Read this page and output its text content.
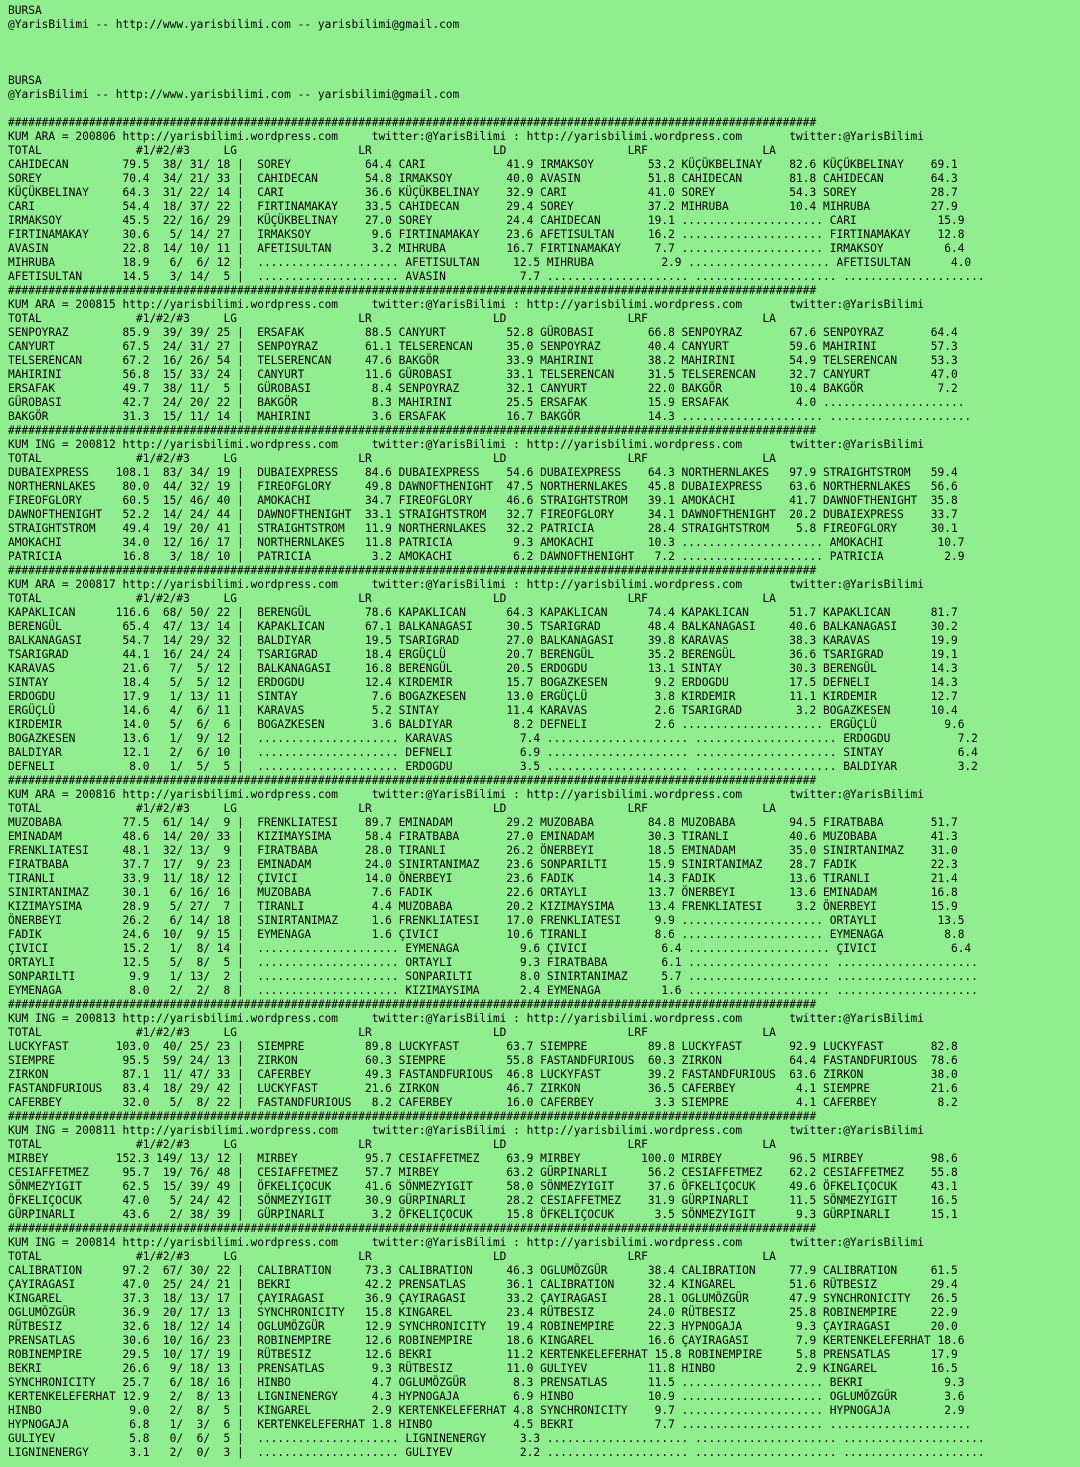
BURSA
@YarisBilimi -- http://www.yarisbilimi.com -- yarisbilimi@gmail.com
BURSA
@YarisBilimi -- http://www.yarisbilimi.com -- yarisbilimi@gmail.com
########################################################################################################################
KUM ARA = 200806 http://yarisbilimi.wordpress.com     twitter:@YarisBilimi : http://yarisbilimi.wordpress.com       twitter:@YarisBilimi
TOTAL              #1/#2/#3     LG                  LR                  LD                  LRF                 LA
CAHIDECAN        79.5  38/ 31/ 18 |  SOREY           64.4 CARI            41.9 IRMAKSOY        53.2 KÜÇÜKBELINAY    82.6 KÜÇÜKBELINAY    69.1
SOREY            70.4  34/ 21/ 33 |  CAHIDECAN       54.8 IRMAKSOY        40.0 AVASIN          51.8 CAHIDECAN       81.8 CAHIDECAN       64.3
KÜÇÜKBELINAY     64.3  31/ 22/ 14 |  CARI            36.6 KÜÇÜKBELINAY    32.9 CARI            41.0 SOREY           54.3 SOREY           28.7
CARI             54.4  18/ 37/ 22 |  FIRTINAMAKAY    33.5 CAHIDECAN       29.4 SOREY           37.2 MIHRUBA         10.4 MIHRUBA         27.9
IRMAKSOY         45.5  22/ 16/ 29 |  KÜÇÜKBELINAY    27.0 SOREY           24.4 CAHIDECAN       19.1 ..................... CARI            15.9
FIRTINAMAKAY     30.6   5/ 14/ 27 |  IRMAKSOY         9.6 FIRTINAMAKAY    23.6 AFETISULTAN     16.2 ..................... FIRTINAMAKAY    12.8
AVASIN           22.8  14/ 10/ 11 |  AFETISULTAN      3.2 MIHRUBA         16.7 FIRTINAMAKAY     7.7 ..................... IRMAKSOY         6.4
MIHRUBA          18.9   6/  6/ 12 |  ..................... AFETISULTAN     12.5 MIHRUBA          2.9 ..................... AFETISULTAN      4.0
AFETISULTAN      14.5   3/ 14/  5 |  ..................... AVASIN           7.7 ..................... ..................... .....................
########################################################################################################################
KUM ARA = 200815 http://yarisbilimi.wordpress.com     twitter:@YarisBilimi : http://yarisbilimi.wordpress.com       twitter:@YarisBilimi
TOTAL              #1/#2/#3     LG                  LR                  LD                  LRF                 LA
SENPOYRAZ        85.9  39/ 39/ 25 |  ERSAFAK         88.5 CANYURT         52.8 GÜROBASI        66.8 SENPOYRAZ       67.6 SENPOYRAZ       64.4
CANYURT          67.5  24/ 31/ 27 |  SENPOYRAZ       61.1 TELSERENCAN     35.0 SENPOYRAZ       40.4 CANYURT         59.6 MAHIRINI        57.3
TELSERENCAN      67.2  16/ 26/ 54 |  TELSERENCAN     47.6 BAKGÖR          33.9 MAHIRINI        38.2 MAHIRINI        54.9 TELSERENCAN     53.3
MAHIRINI         56.8  15/ 33/ 24 |  CANYURT         11.6 GÜROBASI        33.1 TELSERENCAN     31.5 TELSERENCAN     32.7 CANYURT         47.0
ERSAFAK          49.7  38/ 11/  5 |  GÜROBASI         8.4 SENPOYRAZ       32.1 CANYURT         22.0 BAKGÖR          10.4 BAKGÖR           7.2
GÜROBASI         42.7  24/ 20/ 22 |  BAKGÖR           8.3 MAHIRINI        25.5 ERSAFAK         15.9 ERSAFAK          4.0 .....................
BAKGÖR           31.3  15/ 11/ 14 |  MAHIRINI         3.6 ERSAFAK         16.7 BAKGÖR          14.3 ..................... .....................
########################################################################################################################
KUM ING = 200812 http://yarisbilimi.wordpress.com     twitter:@YarisBilimi : http://yarisbilimi.wordpress.com       twitter:@YarisBilimi
TOTAL              #1/#2/#3     LG                  LR                  LD                  LRF                 LA
DUBAIEXPRESS    108.1  83/ 34/ 19 |  DUBAIEXPRESS    84.6 DUBAIEXPRESS    54.6 DUBAIEXPRESS    64.3 NORTHERNLAKES   97.9 STRAIGHTSTROM   59.4
NORTHERNLAKES    80.0  44/ 32/ 19 |  FIREOFGLORY     49.8 DAWNOFTHENIGHT  47.5 NORTHERNLAKES   45.8 DUBAIEXPRESS    63.6 NORTHERNLAKES   56.6
FIREOFGLORY      60.5  15/ 46/ 40 |  AMOKACHI        34.7 FIREOFGLORY     46.6 STRAIGHTSTROM   39.1 AMOKACHI        41.7 DAWNOFTHENIGHT  35.8
DAWNOFTHENIGHT   52.2  14/ 24/ 44 |  DAWNOFTHENIGHT  33.1 STRAIGHTSTROM   32.7 FIREOFGLORY     34.1 DAWNOFTHENIGHT  20.2 DUBAIEXPRESS    33.7
STRAIGHTSTROM    49.4  19/ 20/ 41 |  STRAIGHTSTROM   11.9 NORTHERNLAKES   32.2 PATRICIA        28.4 STRAIGHTSTROM    5.8 FIREOFGLORY     30.1
AMOKACHI         34.0  12/ 16/ 17 |  NORTHERNLAKES   11.8 PATRICIA         9.3 AMOKACHI        10.3 ..................... AMOKACHI        10.7
PATRICIA         16.8   3/ 18/ 10 |  PATRICIA         3.2 AMOKACHI         6.2 DAWNOFTHENIGHT   7.2 ..................... PATRICIA         2.9
########################################################################################################################
KUM ARA = 200817 http://yarisbilimi.wordpress.com     twitter:@YarisBilimi : http://yarisbilimi.wordpress.com       twitter:@YarisBilimi
TOTAL              #1/#2/#3     LG                  LR                  LD                  LRF                 LA
KAPAKLICAN      116.6  68/ 50/ 22 |  BERENGÜL        78.6 KAPAKLICAN      64.3 KAPAKLICAN      74.4 KAPAKLICAN      51.7 KAPAKLICAN      81.7
BERENGÜL         65.4  47/ 13/ 14 |  KAPAKLICAN      67.1 BALKANAGASI     30.5 TSARIGRAD       48.4 BALKANAGASI     40.6 BALKANAGASI     30.2
BALKANAGASI      54.7  14/ 29/ 32 |  BALDIYAR        19.5 TSARIGRAD       27.0 BALKANAGASI     39.8 KARAVAS         38.3 KARAVAS         19.9
TSARIGRAD        44.1  16/ 24/ 24 |  TSARIGRAD       18.4 ERGÜÇLÜ         20.7 BERENGÜL        35.2 BERENGÜL        36.6 TSARIGRAD       19.1
KARAVAS          21.6   7/  5/ 12 |  BALKANAGASI     16.8 BERENGÜL        20.5 ERDOGDU         13.1 SINTAY          30.3 BERENGÜL        14.3
SINTAY           18.4   5/  5/ 12 |  ERDOGDU         12.4 KIRDEMIR        15.7 BOGAZKESEN       9.2 ERDOGDU         17.5 DEFNELI         14.3
ERDOGDU          17.9   1/ 13/ 11 |  SINTAY           7.6 BOGAZKESEN      13.0 ERGÜÇLÜ          3.8 KIRDEMIR        11.1 KIRDEMIR        12.7
ERGÜÇLÜ          14.6   4/  6/ 11 |  KARAVAS          5.2 SINTAY          11.4 KARAVAS          2.6 TSARIGRAD        3.2 BOGAZKESEN      10.4
KIRDEMIR         14.0   5/  6/  6 |  BOGAZKESEN       3.6 BALDIYAR         8.2 DEFNELI          2.6 ..................... ERGÜÇLÜ          9.6
BOGAZKESEN       13.6   1/  9/ 12 |  ..................... KARAVAS          7.4 ..................... ..................... ERDOGDU          7.2
BALDIYAR         12.1   2/  6/ 10 |  ..................... DEFNELI          6.9 ..................... ..................... SINTAY           6.4
DEFNELI           8.0   1/  5/  5 |  ..................... ERDOGDU          3.5 ..................... ..................... BALDIYAR         3.2
########################################################################################################################
KUM ARA = 200816 http://yarisbilimi.wordpress.com     twitter:@YarisBilimi : http://yarisbilimi.wordpress.com       twitter:@YarisBilimi
TOTAL              #1/#2/#3     LG                  LR                  LD                  LRF                 LA
MUZOBABA         77.5  61/ 14/  9 |  FRENKLIATESI    89.7 EMINADAM        29.2 MUZOBABA        84.8 MUZOBABA        94.5 FIRATBABA       51.7
EMINADAM         48.6  14/ 20/ 33 |  KIZIMAYSIMA     58.4 FIRATBABA       27.0 EMINADAM        30.3 TIRANLI         40.6 MUZOBABA        41.3
FRENKLIATESI     48.1  32/ 13/  9 |  FIRATBABA       28.0 TIRANLI         26.2 ÖNERBEYI        18.5 EMINADAM        35.0 SINIRTANIMAZ    31.0
FIRATBABA        37.7  17/  9/ 23 |  EMINADAM        24.0 SINIRTANIMAZ    23.6 SONPARILTI      15.9 SINIRTANIMAZ    28.7 FADIK           22.3
TIRANLI          33.9  11/ 18/ 12 |  ÇIVICI          14.0 ÖNERBEYI        23.6 FADIK           14.3 FADIK           13.6 TIRANLI         21.4
SINIRTANIMAZ     30.1   6/ 16/ 16 |  MUZOBABA         7.6 FADIK           22.6 ORTAYLI         13.7 ÖNERBEYI        13.6 EMINADAM        16.8
KIZIMAYSIMA      28.9   5/ 27/  7 |  TIRANLI          4.4 MUZOBABA        20.2 KIZIMAYSIMA     13.4 FRENKLIATESI     3.2 ÖNERBEYI        15.9
ÖNERBEYI         26.2   6/ 14/ 18 |  SINIRTANIMAZ     1.6 FRENKLIATESI    17.0 FRENKLIATESI     9.9 ..................... ORTAYLI         13.5
FADIK            24.6  10/  9/ 15 |  EYMENAGA         1.6 ÇIVICI          10.6 TIRANLI          8.6 ..................... EYMENAGA         8.8
ÇIVICI           15.2   1/  8/ 14 |  ..................... EYMENAGA         9.6 ÇIVICI           6.4 ..................... ÇIVICI           6.4
ORTAYLI          12.5   5/  8/  5 |  ..................... ORTAYLI          9.3 FIRATBABA        6.1 ..................... .....................
SONPARILTI        9.9   1/ 13/  2 |  ..................... SONPARILTI       8.0 SINIRTANIMAZ     5.7 ..................... .....................
EYMENAGA          8.0   2/  2/  8 |  ..................... KIZIMAYSIMA      2.4 EYMENAGA         1.6 ..................... .....................
########################################################################################################################
KUM ING = 200813 http://yarisbilimi.wordpress.com     twitter:@YarisBilimi : http://yarisbilimi.wordpress.com       twitter:@YarisBilimi
TOTAL              #1/#2/#3     LG                  LR                  LD                  LRF                 LA
LUCKYFAST       103.0  40/ 25/ 23 |  SIEMPRE         89.8 LUCKYFAST       63.7 SIEMPRE         89.8 LUCKYFAST       92.9 LUCKYFAST       82.8
SIEMPRE          95.5  59/ 24/ 13 |  ZIRKON          60.3 SIEMPRE         55.8 FASTANDFURIOUS  60.3 ZIRKON          64.4 FASTANDFURIOUS  78.6
ZIRKON           87.1  11/ 47/ 33 |  CAFERBEY        49.3 FASTANDFURIOUS  46.8 LUCKYFAST       39.2 FASTANDFURIOUS  63.6 ZIRKON          38.0
FASTANDFURIOUS   83.4  18/ 29/ 42 |  LUCKYFAST       21.6 ZIRKON          46.7 ZIRKON          36.5 CAFERBEY         4.1 SIEMPRE         21.6
CAFERBEY         32.0   5/  8/ 22 |  FASTANDFURIOUS   8.2 CAFERBEY        16.0 CAFERBEY         3.3 SIEMPRE          4.1 CAFERBEY         8.2
########################################################################################################################
KUM ING = 200811 http://yarisbilimi.wordpress.com     twitter:@YarisBilimi : http://yarisbilimi.wordpress.com       twitter:@YarisBilimi
TOTAL              #1/#2/#3     LG                  LR                  LD                  LRF                 LA
MIRBEY          152.3 149/ 13/ 12 |  MIRBEY          95.7 CESIAFFETMEZ    63.9 MIRBEY         100.0 MIRBEY          96.5 MIRBEY          98.6
CESIAFFETMEZ     95.7  19/ 76/ 48 |  CESIAFFETMEZ    57.7 MIRBEY          63.2 GÜRPINARLI      56.2 CESIAFFETMEZ    62.2 CESIAFFETMEZ    55.8
SÖNMEZYIGIT      62.5  15/ 39/ 49 |  ÖFKELIÇOCUK     41.6 SÖNMEZYIGIT     58.0 SÖNMEZYIGIT     37.6 ÖFKELIÇOCUK     49.6 ÖFKELIÇOCUK     43.1
ÖFKELIÇOCUK      47.0   5/ 24/ 42 |  SÖNMEZYIGIT     30.9 GÜRPINARLI      28.2 CESIAFFETMEZ    31.9 GÜRPINARLI      11.5 SÖNMEZYIGIT     16.5
GÜRPINARLI       43.6   2/ 38/ 39 |  GÜRPINARLI       3.2 ÖFKELIÇOCUK     15.8 ÖFKELIÇOCUK      3.5 SÖNMEZYIGIT      9.3 GÜRPINARLI      15.1
########################################################################################################################
KUM ING = 200814 http://yarisbilimi.wordpress.com     twitter:@YarisBilimi : http://yarisbilimi.wordpress.com       twitter:@YarisBilimi
TOTAL              #1/#2/#3     LG                  LR                  LD                  LRF                 LA
CALIBRATION      97.2  67/ 30/ 22 |  CALIBRATION     73.3 CALIBRATION     46.3 OGLUMÖZGÜR      38.4 CALIBRATION     77.9 CALIBRATION     61.5
ÇAYIRAGASI       47.0  25/ 24/ 21 |  BEKRI           42.2 PRENSATLAS      36.1 CALIBRATION     32.4 KINGAREL        51.6 RÜTBESIZ        29.4
KINGAREL         37.3  18/ 13/ 17 |  ÇAYIRAGASI      36.9 ÇAYIRAGASI      33.2 ÇAYIRAGASI      28.1 OGLUMÖZGÜR      47.9 SYNCHRONICITY   26.5
OGLUMÖZGÜR       36.9  20/ 17/ 13 |  SYNCHRONICITY   15.8 KINGAREL        23.4 RÜTBESIZ        24.0 RÜTBESIZ        25.8 ROBINEMPIRE     22.9
RÜTBESIZ         32.6  18/ 12/ 14 |  OGLUMÖZGÜR      12.9 SYNCHRONICITY   19.4 ROBINEMPIRE     22.3 HYPNOGAJA        9.3 ÇAYIRAGASI      20.0
PRENSATLAS       30.6  10/ 16/ 23 |  ROBINEMPIRE     12.6 ROBINEMPIRE     18.6 KINGAREL        16.6 ÇAYIRAGASI       7.9 KERTENKELEFERHAT 18.6
ROBINEMPIRE      29.5  10/ 17/ 19 |  RÜTBESIZ        12.6 BEKRI           11.2 KERTENKELEFERHAT 15.8 ROBINEMPIRE     5.8 PRENSATLAS      17.9
BEKRI            26.6   9/ 18/ 13 |  PRENSATLAS       9.3 RÜTBESIZ        11.0 GULIYEV         11.8 HINBO            2.9 KINGAREL        16.5
SYNCHRONICITY    25.7   6/ 18/ 16 |  HINBO            4.7 OGLUMÖZGÜR       8.3 PRENSATLAS      11.5 ..................... BEKRI            9.3
KERTENKELEFERHAT 12.9   2/  8/ 13 |  LIGNINENERGY     4.3 HYPNOGAJA        6.9 HINBO           10.9 ..................... OGLUMÖZGÜR       3.6
HINBO             9.0   2/  8/  5 |  KINGAREL         2.9 KERTENKELEFERHAT 4.8 SYNCHRONICITY    9.7 ..................... HYPNOGAJA        2.9
HYPNOGAJA         6.8   1/  3/  6 |  KERTENKELEFERHAT 1.8 HINBO            4.5 BEKRI            7.7 ..................... .....................
GULIYEV           5.8   0/  6/  5 |  ..................... LIGNINENERGY     3.3 ..................... ..................... .....................
LIGNINENERGY      3.1   2/  0/  3 |  ..................... GULIYEV          2.2 ..................... ..................... .....................
